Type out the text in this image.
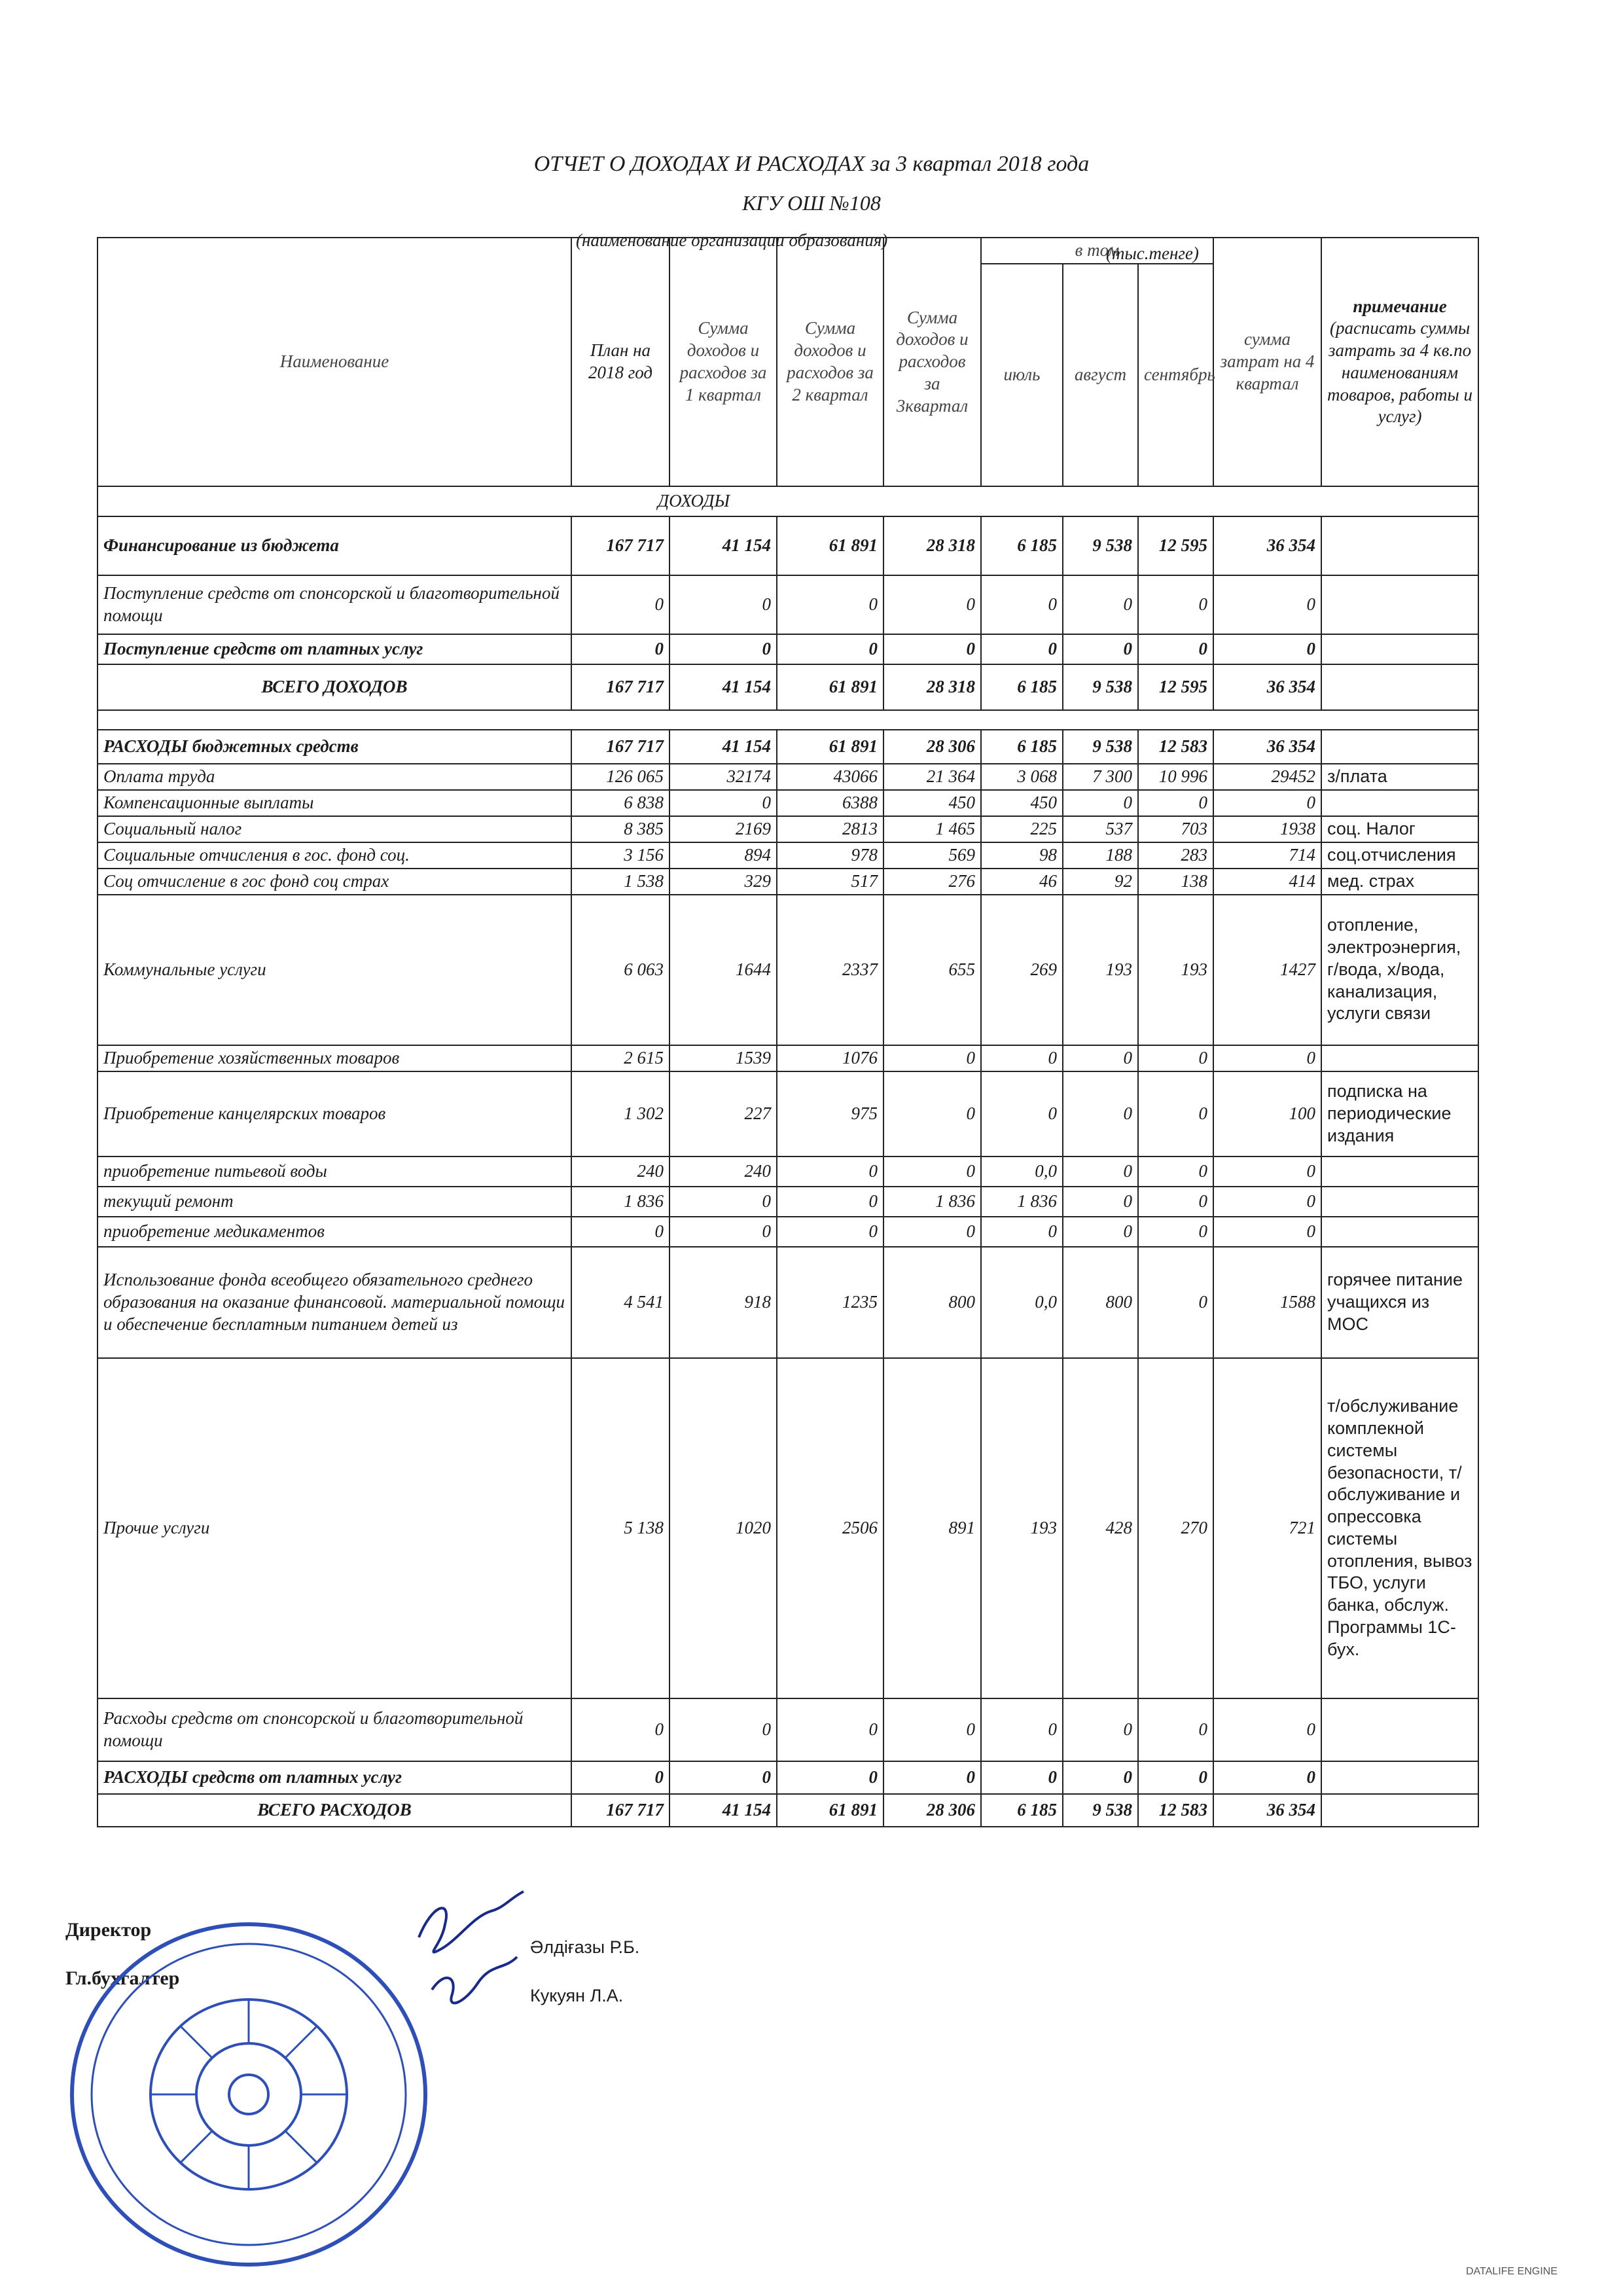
ОТЧЕТ О ДОХОДАХ И РАСХОДАХ за 3 квартал 2018 года
КГУ ОШ №108
(наименование организации образования)
(тыс.тенге)
Наименование	План на 2018 год	Сумма доходов и расходов за 1 квартал	Сумма доходов и расходов за 2 квартал	Сумма доходов и расходов за 3квартал	в том			сумма затрат на 4 квартал	примечание
(расписать суммы затрать за 4 кв.по наименованиям товаров, работы и услуг)

					июль	август	сентябрь		
ДОХОДЫ									
Финансирование из бюджета	167 717	41 154	61 891	28 318	6 185	9 538	12 595	36 354	
Поступление средств от спонсорской и благотворительной помощи	0	0	0	0	0	0	0	0	
Поступление средств от платных услуг	0	0	0	0	0	0	0	0	
ВСЕГО ДОХОДОВ	167 717	41 154	61 891	28 318	6 185	9 538	12 595	36 354	

РАСХОДЫ бюджетных средств	167 717	41 154	61 891	28 306	6 185	9 538	12 583	36 354	
Оплата труда	126 065	32174	43066	21 364	3 068	7 300	10 996	29452	з/плата
Компенсационные выплаты	6 838	0	6388	450	450	0	0	0	
Социальный налог	8 385	2169	2813	1 465	225	537	703	1938	соц. Налог
Социальные отчисления в гос. фонд соц.	3 156	894	978	569	98	188	283	714	соц.отчисления
Соц отчисление в гос фонд соц страх	1 538	329	517	276	46	92	138	414	мед. страх
Коммунальные услуги	6 063	1644	2337	655	269	193	193	1427	отопление, электроэнергия, г/вода, х/вода, канализация, услуги связи
Приобретение хозяйственных товаров	2 615	1539	1076	0	0	0	0	0	
Приобретение канцелярских товаров	1 302	227	975	0	0	0	0	100	подписка на периодические издания
приобретение питьевой воды	240	240	0	0	0,0	0	0	0	
текущий ремонт	1 836	0	0	1 836	1 836	0	0	0	
приобретение медикаментов	0	0	0	0	0	0	0	0	
Использование фонда всеобщего обязательного среднего образования на оказание финансовой. материальной помощи и обеспечение бесплатным питанием детей из	4 541	918	1235	800	0,0	800	0	1588	горячее питание учащихся из МОС
Прочие услуги	5 138	1020	2506	891	193	428	270	721	т/обслуживание комплекной системы безопасности, т/обслуживание и опрессовка системы отопления, вывоз ТБО, услуги банка, обслуж. Программы 1С-бух.
Расходы средств от спонсорской и благотворительной помощи	0	0	0	0	0	0	0	0	
РАСХОДЫ средств от платных услуг	0	0	0	0	0	0	0	0	
ВСЕГО РАСХОДОВ	167 717	41 154	61 891	28 306	6 185	9 538	12 583	36 354	
Директор
Әлдіғазы Р.Б.
Гл.бухгалтер
Кукуян Л.А.
DATALIFE ENGINE
